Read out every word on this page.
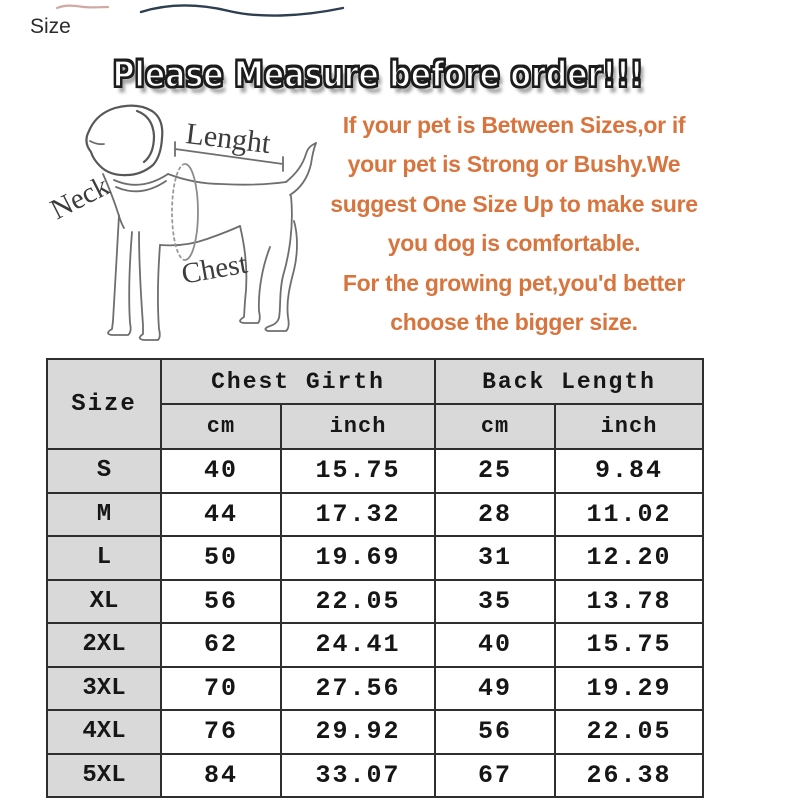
Size
Please Measure before order!!!
Neck
Lenght
Chest
If your pet is Between Sizes,or if
your pet is Strong or Bushy.We
suggest One Size Up to make sure
you dog is comfortable.
For the growing pet,you'd better
choose the bigger size.
Size	Chest Girth		Back Length	
	cm	inch	cm	inch
S	40	15.75	25	9.84
M	44	17.32	28	11.02
L	50	19.69	31	12.20
XL	56	22.05	35	13.78
2XL	62	24.41	40	15.75
3XL	70	27.56	49	19.29
4XL	76	29.92	56	22.05
5XL	84	33.07	67	26.38
